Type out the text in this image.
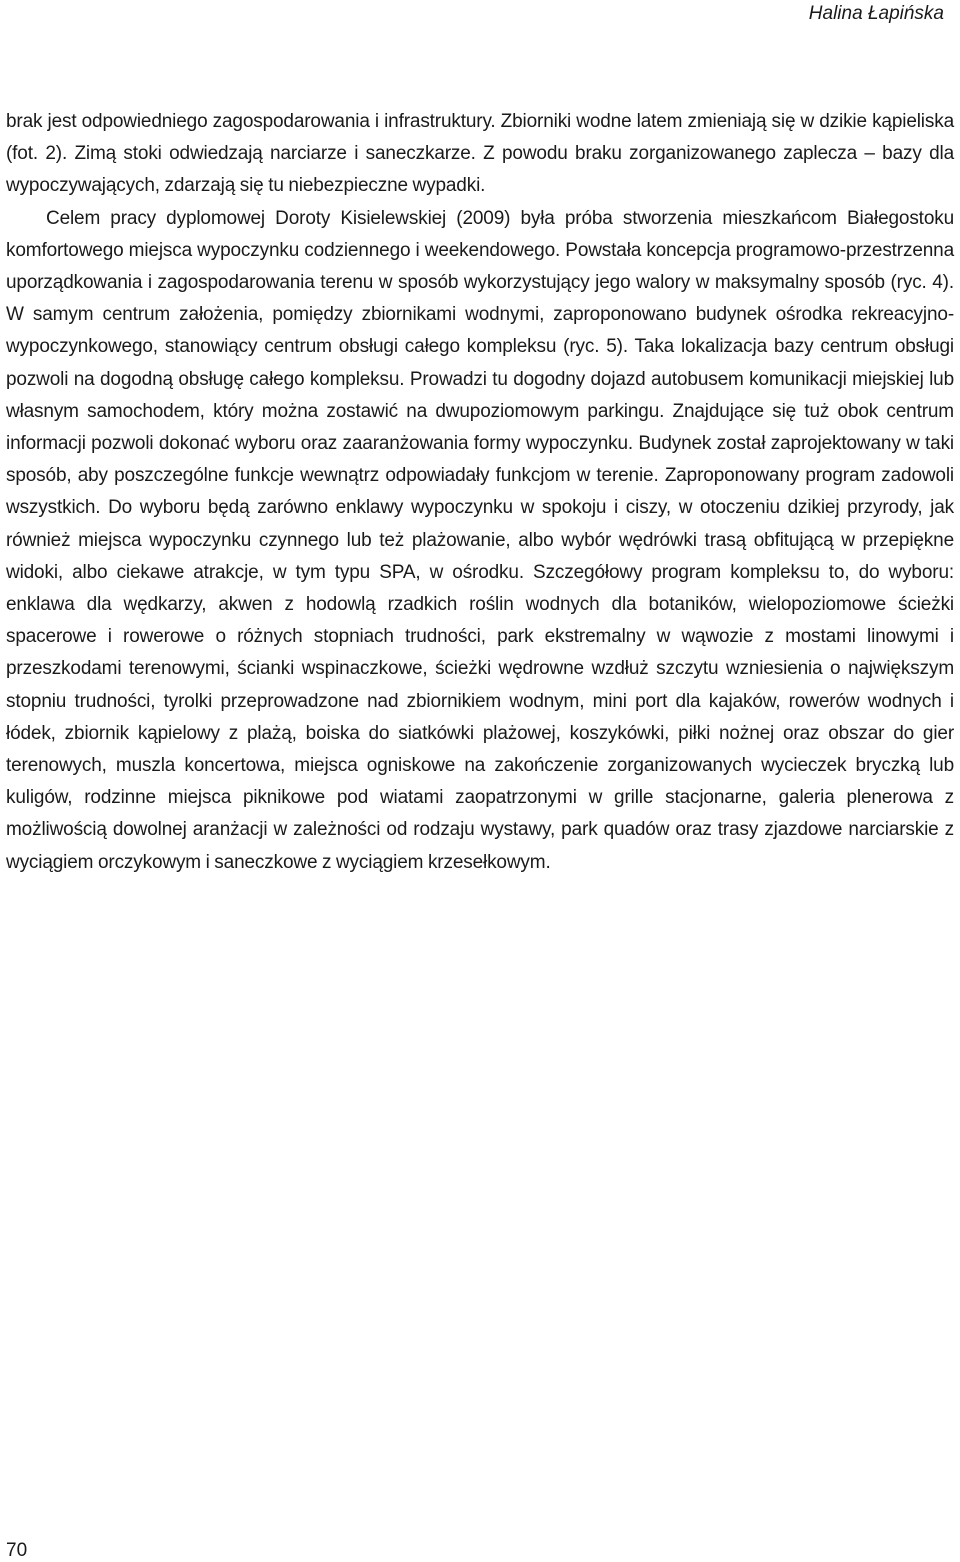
Halina Łapińska

brak jest odpowiedniego zagospodarowania i infrastruktury. Zbiorniki wodne latem zmieniają się w dzikie kąpieliska (fot. 2). Zimą stoki odwiedzają narciarze i saneczkarze. Z powodu braku zorganizowanego zaplecza – bazy dla wypoczywających, zdarzają się tu niebezpieczne wypadki.

Celem pracy dyplomowej Doroty Kisielewskiej (2009) była próba stworzenia mieszkańcom Białegostoku komfortowego miejsca wypoczynku codziennego i weekendowego. Powstała koncepcja programowo-przestrzenna uporządkowania i zagospodarowania terenu w sposób wykorzystujący jego walory w maksymalny sposób (ryc. 4). W samym centrum założenia, pomiędzy zbiornikami wodnymi, zaproponowano budynek ośrodka rekreacyjno-wypoczynkowego, stanowiący centrum obsługi całego kompleksu (ryc. 5). Taka lokalizacja bazy centrum obsługi pozwoli na dogodną obsługę całego kompleksu. Prowadzi tu dogodny dojazd autobusem komunikacji miejskiej lub własnym samochodem, który można zostawić na dwupoziomowym parkingu. Znajdujące się tuż obok centrum informacji pozwoli dokonać wyboru oraz zaaranżowania formy wypoczynku. Budynek został zaprojektowany w taki sposób, aby poszczególne funkcje wewnątrz odpowiadały funkcjom w terenie. Zaproponowany program zadowoli wszystkich. Do wyboru będą zarówno enklawy wypoczynku w spokoju i ciszy, w otoczeniu dzikiej przyrody, jak również miejsca wypoczynku czynnego lub też plażowanie, albo wybór wędrówki trasą obfitującą w przepiękne widoki, albo ciekawe atrakcje, w tym typu SPA, w ośrodku. Szczegółowy program kompleksu to, do wyboru: enklawa dla wędkarzy, akwen z hodowlą rzadkich roślin wodnych dla botaników, wielopoziomowe ścieżki spacerowe i rowerowe o różnych stopniach trudności, park ekstremalny w wąwozie z mostami linowymi i przeszkodami terenowymi, ścianki wspinaczkowe, ścieżki wędrowne wzdłuż szczytu wzniesienia o największym stopniu trudności, tyrolki przeprowadzone nad zbiornikiem wodnym, mini port dla kajaków, rowerów wodnych i łódek, zbiornik kąpielowy z plażą, boiska do siatkówki plażowej, koszykówki, piłki nożnej oraz obszar do gier terenowych, muszla koncertowa, miejsca ogniskowe na zakończenie zorganizowanych wycieczek bryczką lub kuligów, rodzinne miejsca piknikowe pod wiatami zaopatrzonymi w grille stacjonarne, galeria plenerowa z możliwością dowolnej aranżacji w zależności od rodzaju wystawy, park quadów oraz trasy zjazdowe narciarskie z wyciągiem orczykowym i saneczkowe z wyciągiem krzesełkowym.

70
